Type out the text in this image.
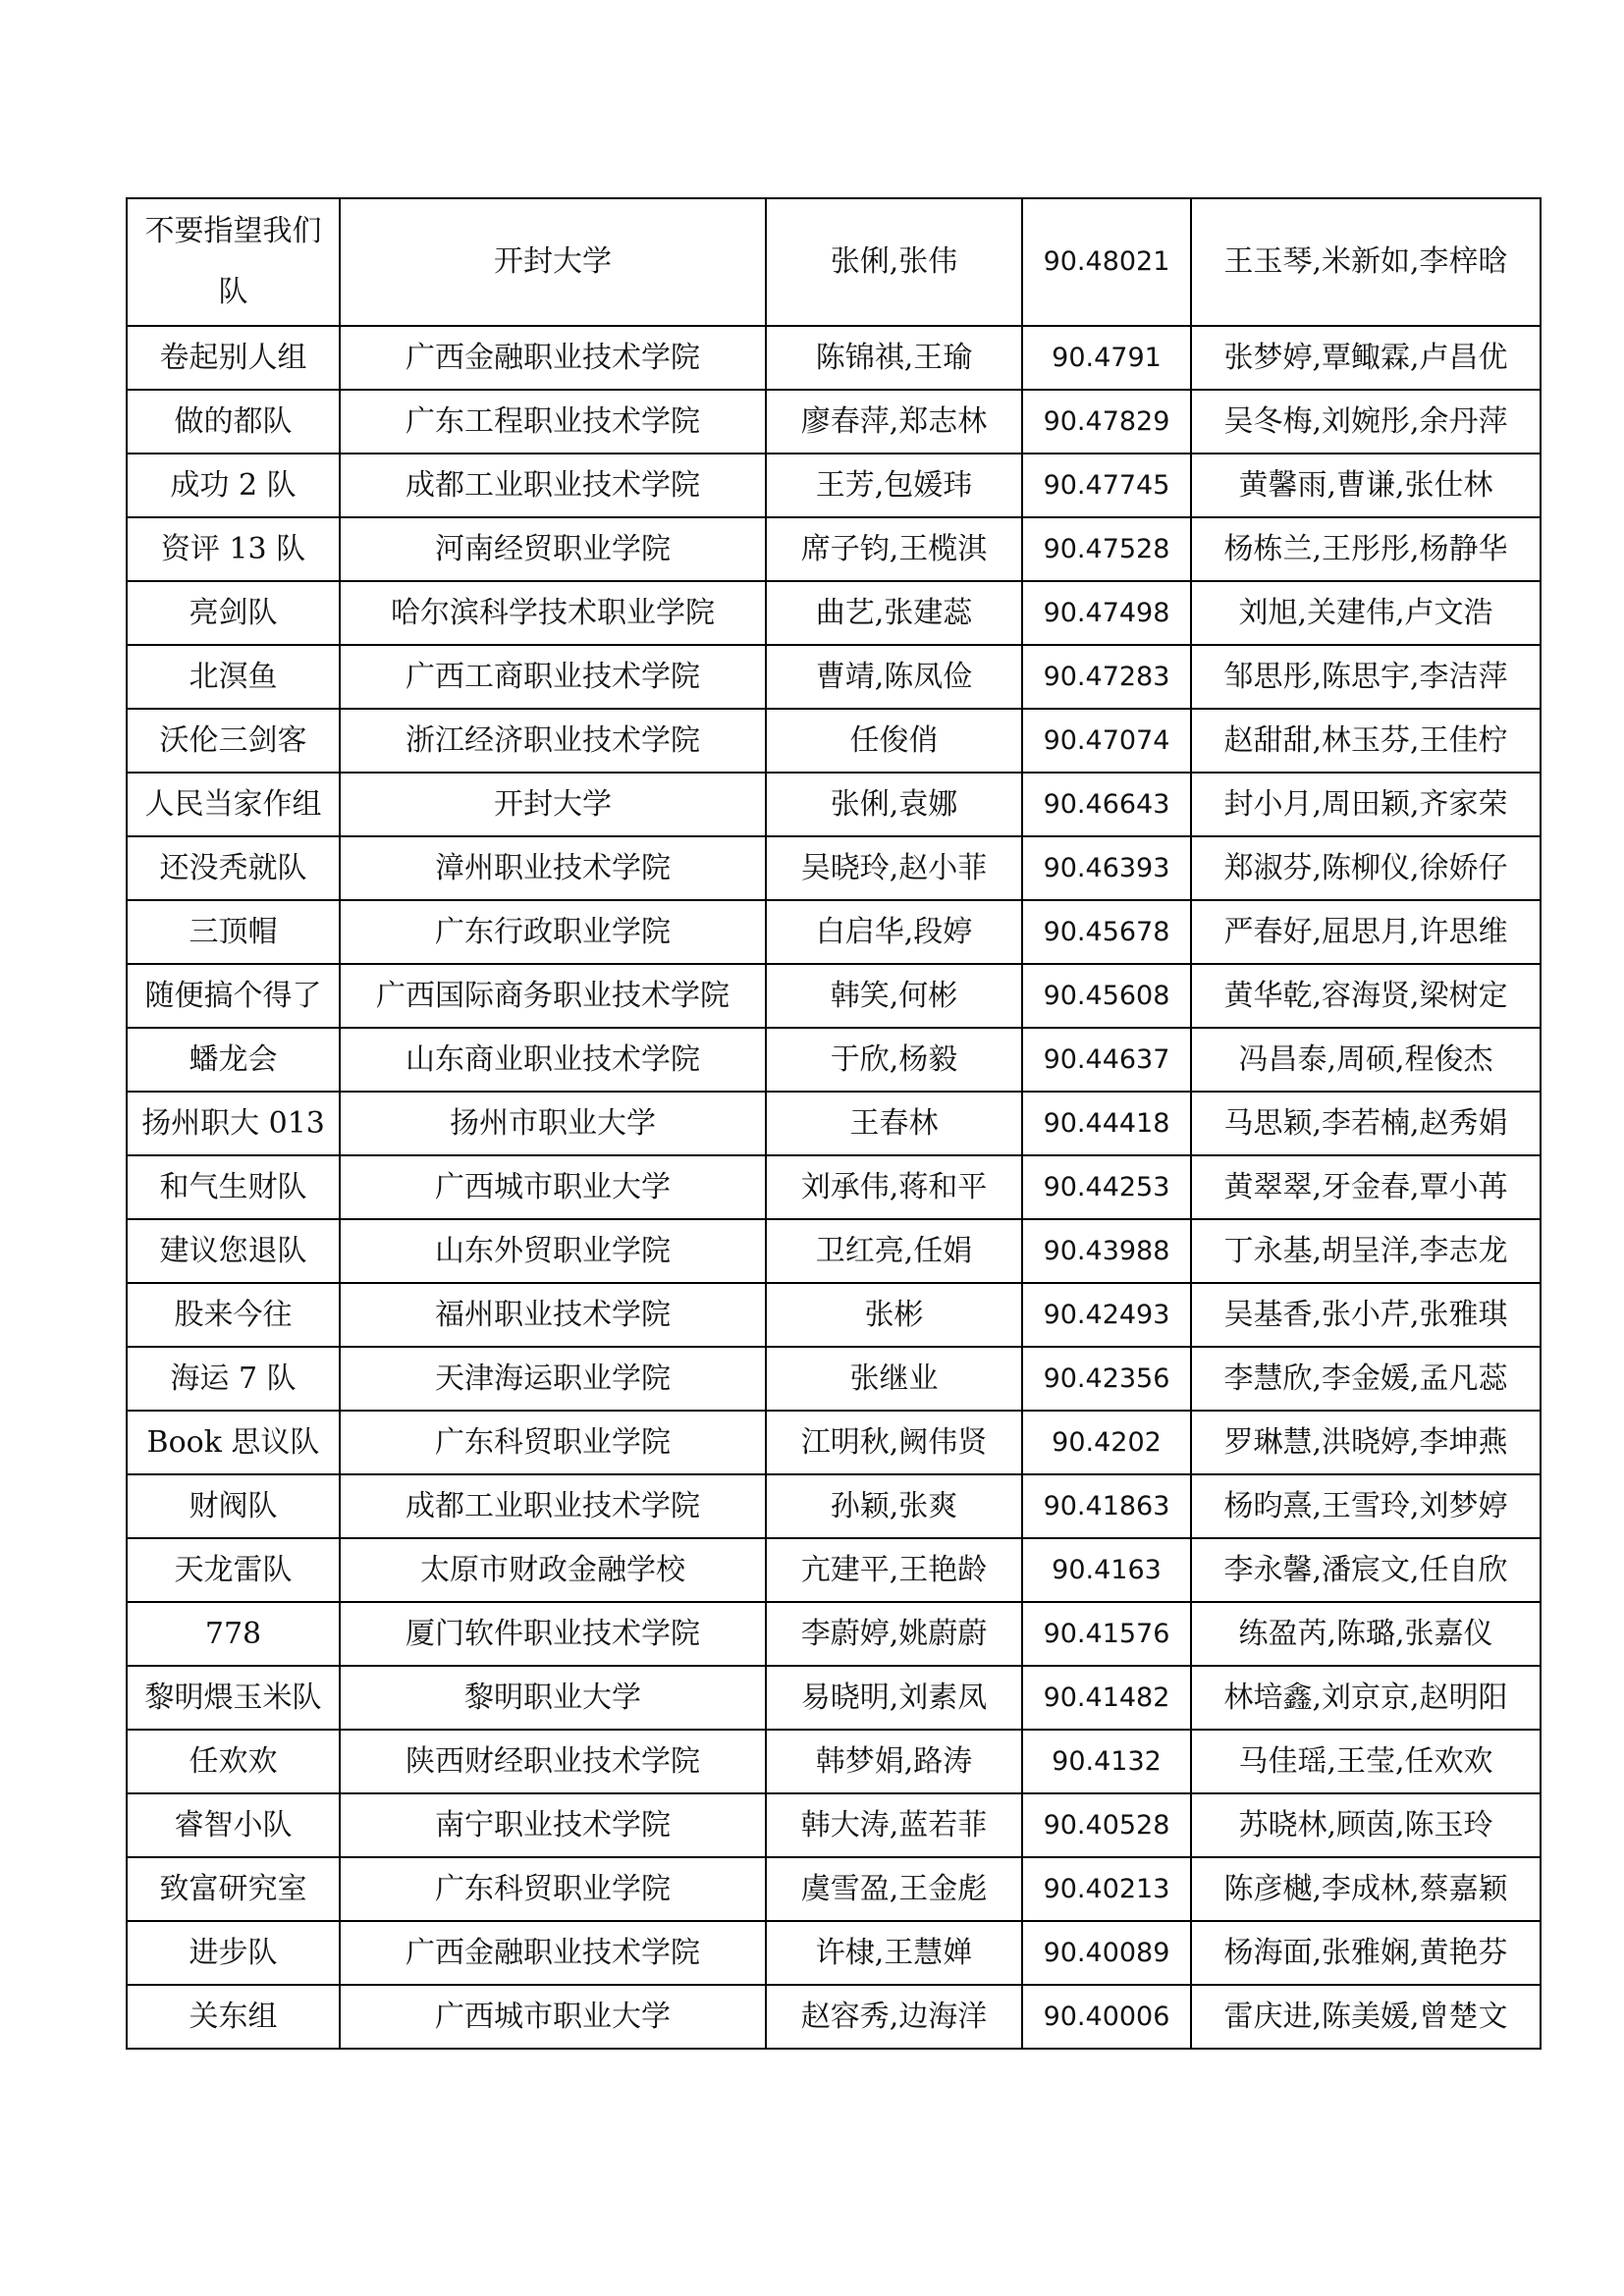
不要指望我们队	开封大学	张俐,张伟	90.48021	王玉琴,米新如,李梓晗
卷起别人组	广西金融职业技术学院	陈锦祺,王瑜	90.4791	张梦婷,覃鲰霖,卢昌优
做的都队	广东工程职业技术学院	廖春萍,郑志林	90.47829	吴冬梅,刘婉彤,余丹萍
成功 2 队	成都工业职业技术学院	王芳,包媛玮	90.47745	黄馨雨,曹谦,张仕林
资评 13 队	河南经贸职业学院	席子钧,王榄淇	90.47528	杨栋兰,王彤彤,杨静华
亮剑队	哈尔滨科学技术职业学院	曲艺,张建蕊	90.47498	刘旭,关建伟,卢文浩
北溟鱼	广西工商职业技术学院	曹靖,陈凤俭	90.47283	邹思彤,陈思宇,李洁萍
沃伦三剑客	浙江经济职业技术学院	任俊俏	90.47074	赵甜甜,林玉芬,王佳柠
人民当家作组	开封大学	张俐,袁娜	90.46643	封小月,周田颖,齐家荣
还没秃就队	漳州职业技术学院	吴晓玲,赵小菲	90.46393	郑淑芬,陈柳仪,徐娇仔
三顶帽	广东行政职业学院	白启华,段婷	90.45678	严春好,屈思月,许思维
随便搞个得了	广西国际商务职业技术学院	韩笑,何彬	90.45608	黄华乾,容海贤,梁树定
蟠龙会	山东商业职业技术学院	于欣,杨毅	90.44637	冯昌泰,周硕,程俊杰
扬州职大 013	扬州市职业大学	王春林	90.44418	马思颖,李若楠,赵秀娟
和气生财队	广西城市职业大学	刘承伟,蒋和平	90.44253	黄翠翠,牙金春,覃小苒
建议您退队	山东外贸职业学院	卫红亮,任娟	90.43988	丁永基,胡呈洋,李志龙
股来今往	福州职业技术学院	张彬	90.42493	吴基香,张小芹,张雅琪
海运 7 队	天津海运职业学院	张继业	90.42356	李慧欣,李金媛,孟凡蕊
Book 思议队	广东科贸职业学院	江明秋,阙伟贤	90.4202	罗琳慧,洪晓婷,李坤燕
财阀队	成都工业职业技术学院	孙颖,张爽	90.41863	杨昀熹,王雪玲,刘梦婷
天龙雷队	太原市财政金融学校	亢建平,王艳龄	90.4163	李永馨,潘宸文,任自欣
778	厦门软件职业技术学院	李蔚婷,姚蔚蔚	90.41576	练盈芮,陈璐,张嘉仪
黎明煨玉米队	黎明职业大学	易晓明,刘素凤	90.41482	林培鑫,刘京京,赵明阳
任欢欢	陕西财经职业技术学院	韩梦娟,路涛	90.4132	马佳瑶,王莹,任欢欢
睿智小队	南宁职业技术学院	韩大涛,蓝若菲	90.40528	苏晓林,顾茵,陈玉玲
致富研究室	广东科贸职业学院	虞雪盈,王金彪	90.40213	陈彦樾,李成林,蔡嘉颖
进步队	广西金融职业技术学院	许棣,王慧婵	90.40089	杨海面,张雅娴,黄艳芬
关东组	广西城市职业大学	赵容秀,边海洋	90.40006	雷庆进,陈美媛,曾楚文
